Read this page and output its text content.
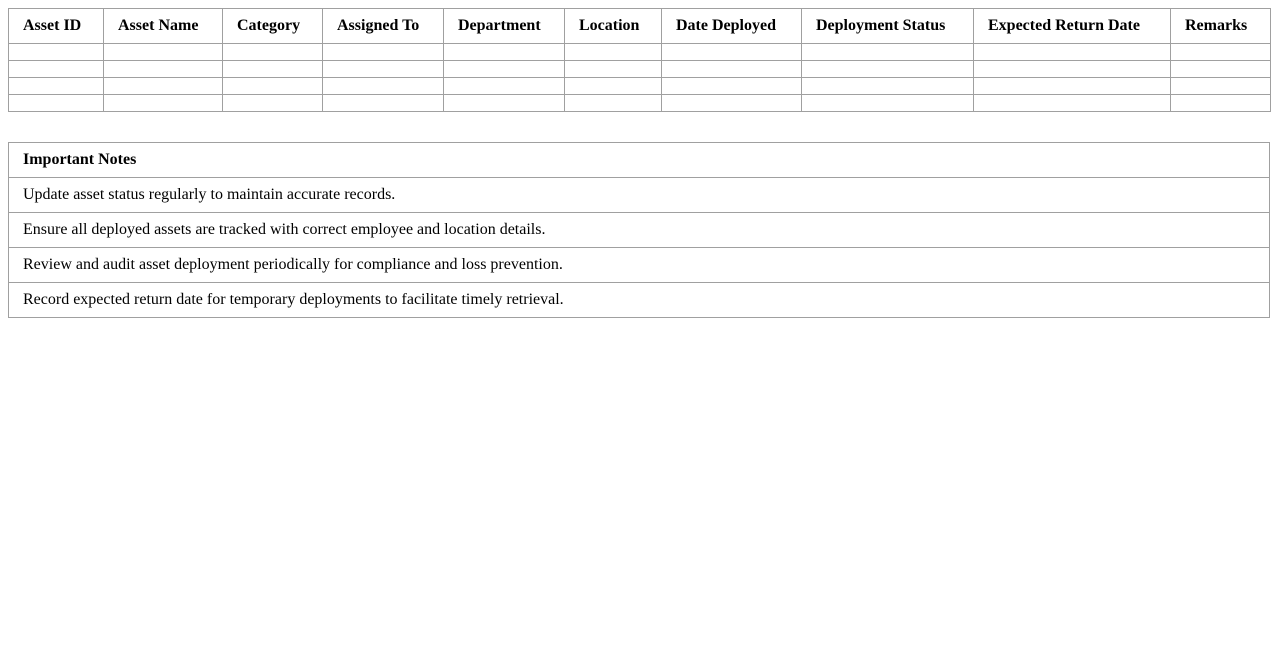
Asset ID	Asset Name	Category	Assigned To	Department	Location	Date Deployed	Deployment Status	Expected Return Date	Remarks

Important Notes
Update asset status regularly to maintain accurate records.
Ensure all deployed assets are tracked with correct employee and location details.
Review and audit asset deployment periodically for compliance and loss prevention.
Record expected return date for temporary deployments to facilitate timely retrieval.
